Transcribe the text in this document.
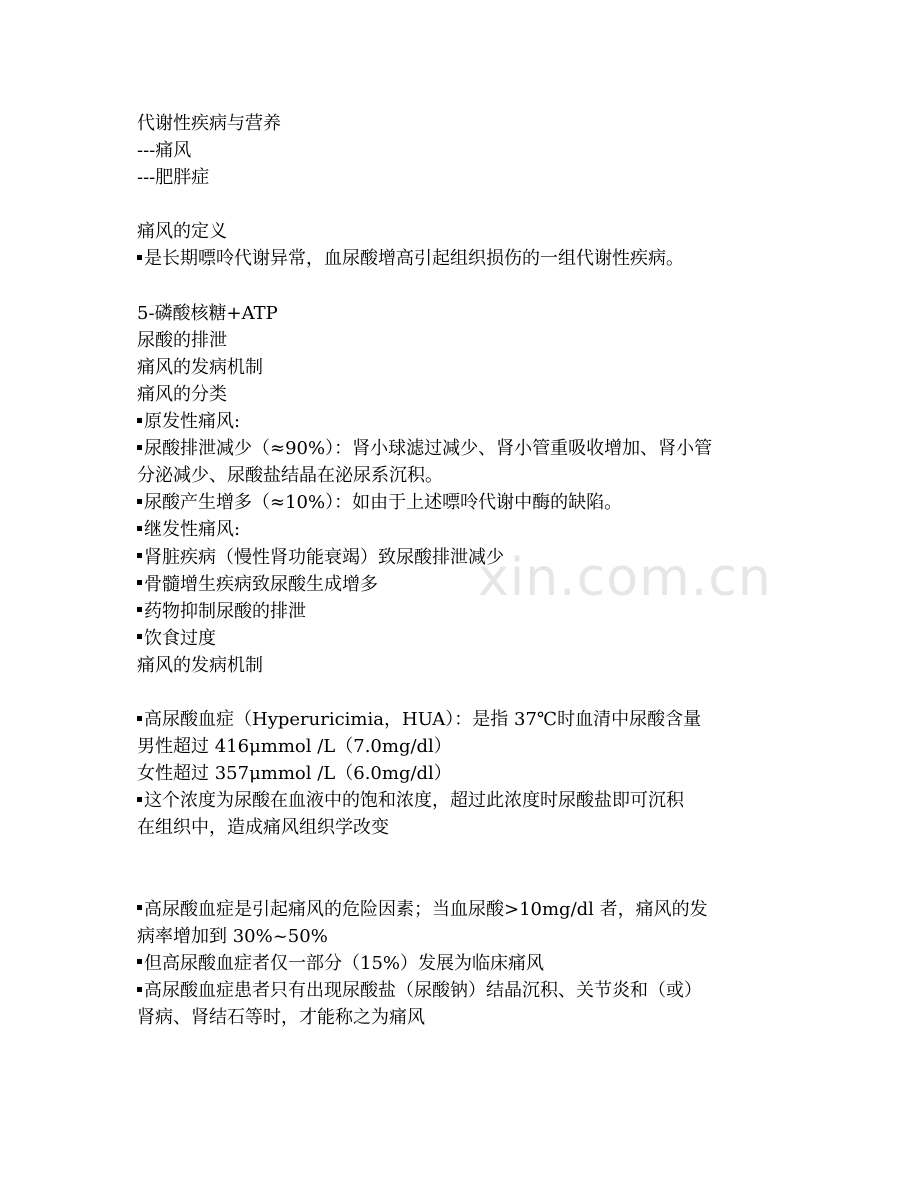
xin.com.cn
代谢性疾病与营养
---痛风
---肥胖症
痛风的定义
是长期嘌呤代谢异常，血尿酸增高引起组织损伤的一组代谢性疾病。
5-磷酸核糖+ATP
尿酸的排泄
痛风的发病机制
痛风的分类
原发性痛风:
尿酸排泄减少（≈90%）：肾小球滤过减少、肾小管重吸收增加、肾小管
分泌减少、尿酸盐结晶在泌尿系沉积。
尿酸产生增多（≈10%）：如由于上述嘌呤代谢中酶的缺陷。
继发性痛风:
肾脏疾病（慢性肾功能衰竭）致尿酸排泄减少
骨髓增生疾病致尿酸生成增多
药物抑制尿酸的排泄
饮食过度
痛风的发病机制
高尿酸血症（Hyperuricimia，HUA）：是指 37℃时血清中尿酸含量
男性超过 416μmmol /L（7.0mg/dl）
女性超过 357μmmol /L（6.0mg/dl）
这个浓度为尿酸在血液中的饱和浓度，超过此浓度时尿酸盐即可沉积
在组织中，造成痛风组织学改变
高尿酸血症是引起痛风的危险因素；当血尿酸>10mg/dl 者，痛风的发
病率增加到 30%~50%
但高尿酸血症者仅一部分（15%）发展为临床痛风
高尿酸血症患者只有出现尿酸盐（尿酸钠）结晶沉积、关节炎和（或）
肾病、肾结石等时，才能称之为痛风
